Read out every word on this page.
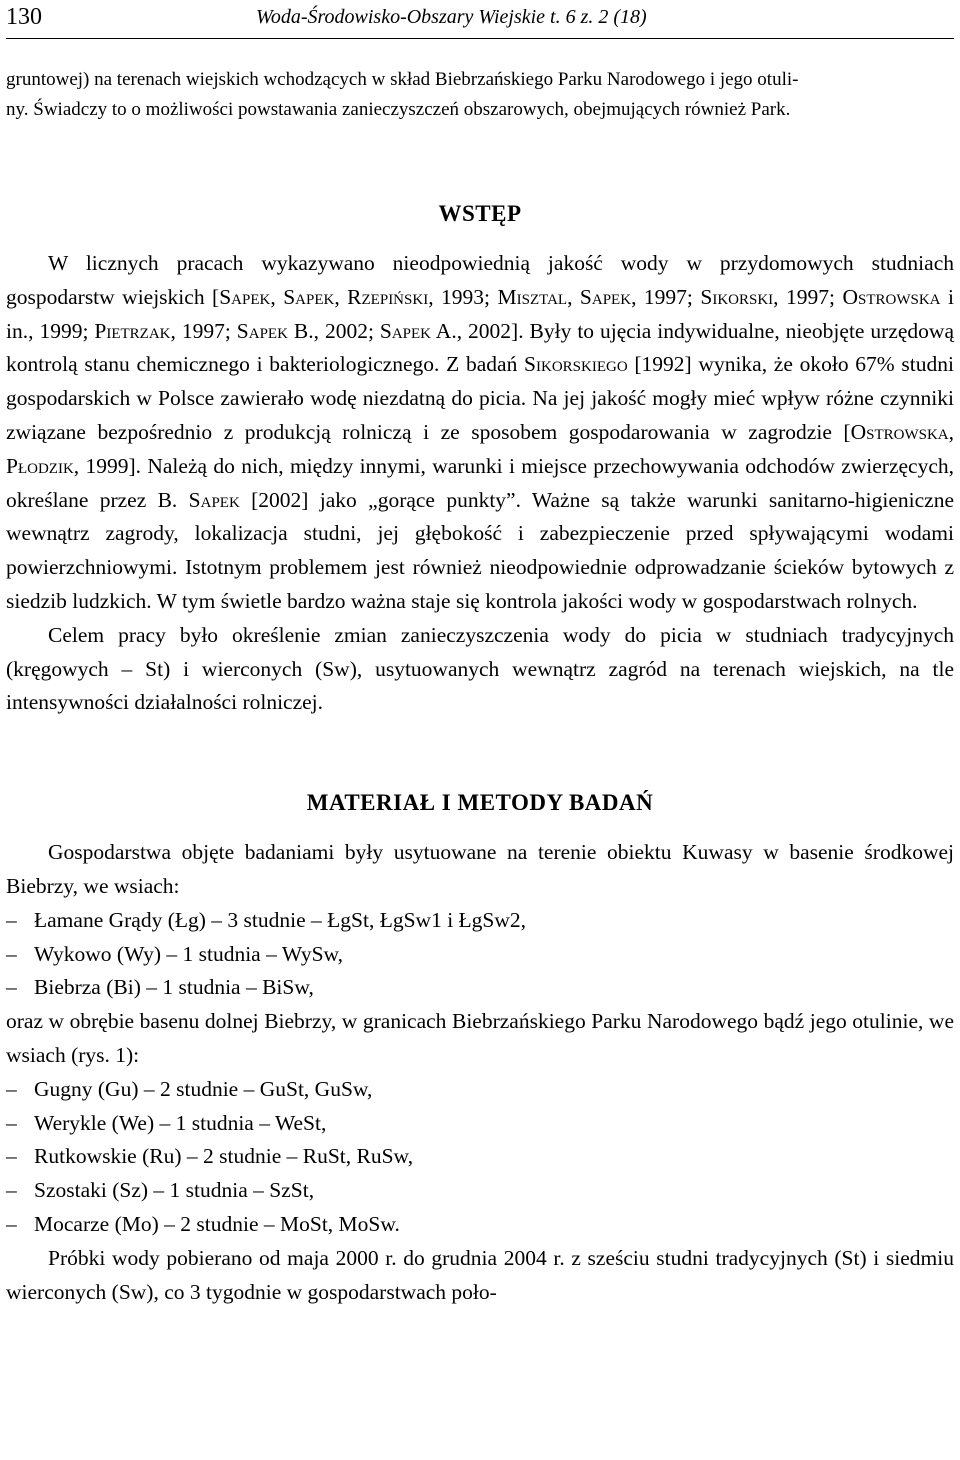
130	Woda-Środowisko-Obszary Wiejskie t. 6 z. 2 (18)

gruntowej) na terenach wiejskich wchodzących w skład Biebrzańskiego Parku Narodowego i jego otuli-

ny. Świadczy to o możliwości powstawania zanieczyszczeń obszarowych, obejmujących również Park.

WSTĘP

W licznych pracach wykazywano nieodpowiednią jakość wody w przydomowych studniach gospodarstw wiejskich [Sapek, Sapek, Rzepiński, 1993; Misztal, Sapek, 1997; Sikorski, 1997; Ostrowska i in., 1999; Pietrzak, 1997; Sapek B., 2002; Sapek A., 2002]. Były to ujęcia indywidualne, nieobjęte urzędową kontrolą stanu chemicznego i bakteriologicznego. Z badań Sikorskiego [1992] wynika, że około 67% studni gospodarskich w Polsce zawierało wodę niezdatną do picia. Na jej jakość mogły mieć wpływ różne czynniki związane bezpośrednio z produkcją rolniczą i ze sposobem gospodarowania w zagrodzie [Ostrowska, Płodzik, 1999]. Należą do nich, między innymi, warunki i miejsce przechowywania odchodów zwierzęcych, określane przez B. Sapek [2002] jako „gorące punkty”. Ważne są także warunki sanitarno-higieniczne wewnątrz zagrody, lokalizacja studni, jej głębokość i zabezpieczenie przed spływającymi wodami powierzchniowymi. Istotnym problemem jest również nieodpowiednie odprowadzanie ścieków bytowych z siedzib ludzkich. W tym świetle bardzo ważna staje się kontrola jakości wody w gospodarstwach rolnych.

Celem pracy było określenie zmian zanieczyszczenia wody do picia w studniach tradycyjnych (kręgowych – St) i wierconych (Sw), usytuowanych wewnątrz zagród na terenach wiejskich, na tle intensywności działalności rolniczej.

MATERIAŁ I METODY BADAŃ

Gospodarstwa objęte badaniami były usytuowane na terenie obiektu Kuwasy w basenie środkowej Biebrzy, we wsiach:

– Łamane Grądy (Łg) – 3 studnie – ŁgSt, ŁgSw1 i ŁgSw2,
– Wykowo (Wy) – 1 studnia – WySw,
– Biebrza (Bi) – 1 studnia – BiSw,

oraz w obrębie basenu dolnej Biebrzy, w granicach Biebrzańskiego Parku Narodowego bądź jego otulinie, we wsiach (rys. 1):

– Gugny (Gu) – 2 studnie – GuSt, GuSw,
– Werykle (We) – 1 studnia – WeSt,
– Rutkowskie (Ru) – 2 studnie – RuSt, RuSw,
– Szostaki (Sz) – 1 studnia – SzSt,
– Mocarze (Mo) – 2 studnie – MoSt, MoSw.

Próbki wody pobierano od maja 2000 r. do grudnia 2004 r. z sześciu studni tradycyjnych (St) i siedmiu wierconych (Sw), co 3 tygodnie w gospodarstwach poło-
